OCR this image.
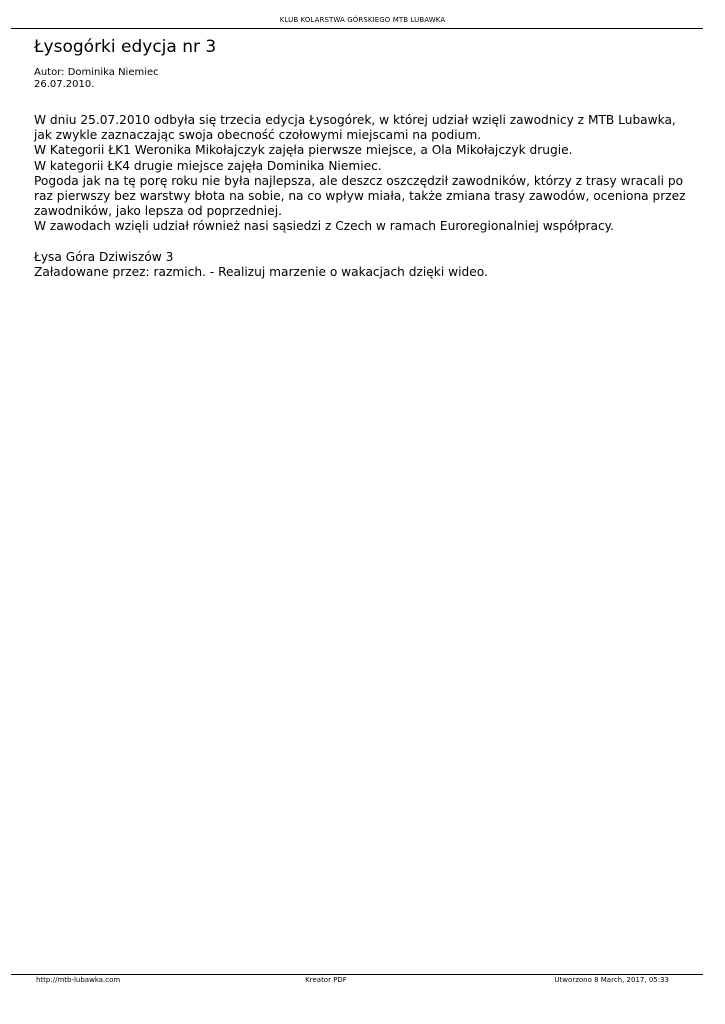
KLUB KOLARSTWA GÓRSKIEGO MTB LUBAWKA
Łysogórki edycja nr 3
Autor: Dominika Niemiec
26.07.2010.

W dniu 25.07.2010 odbyła się trzecia edycja Łysogórek, w której udział wzięli zawodnicy z MTB Lubawka, jak zwykle zaznaczając swoja obecność czołowymi miejscami na podium.

W Kategorii ŁK1 Weronika Mikołajczyk zajęła pierwsze miejsce, a Ola Mikołajczyk drugie.

W kategorii ŁK4 drugie miejsce zajęła Dominika Niemiec.

Pogoda jak na tę porę roku nie była najlepsza, ale deszcz oszczędził zawodników, którzy z trasy wracali po raz pierwszy bez warstwy błota na sobie, na co wpływ miała, także zmiana trasy zawodów, oceniona przez zawodników, jako lepsza od poprzedniej.

W zawodach wzięli udział również nasi sąsiedzi z Czech w ramach Euroregionalniej współpracy.

Łysa Góra Dziwiszów 3

Załadowane przez: razmich. - Realizuj marzenie o wakacjach dzięki wideo.

http://mtb-lubawka.com	Kreator PDF	Utworzono 8 March, 2017, 05:33
